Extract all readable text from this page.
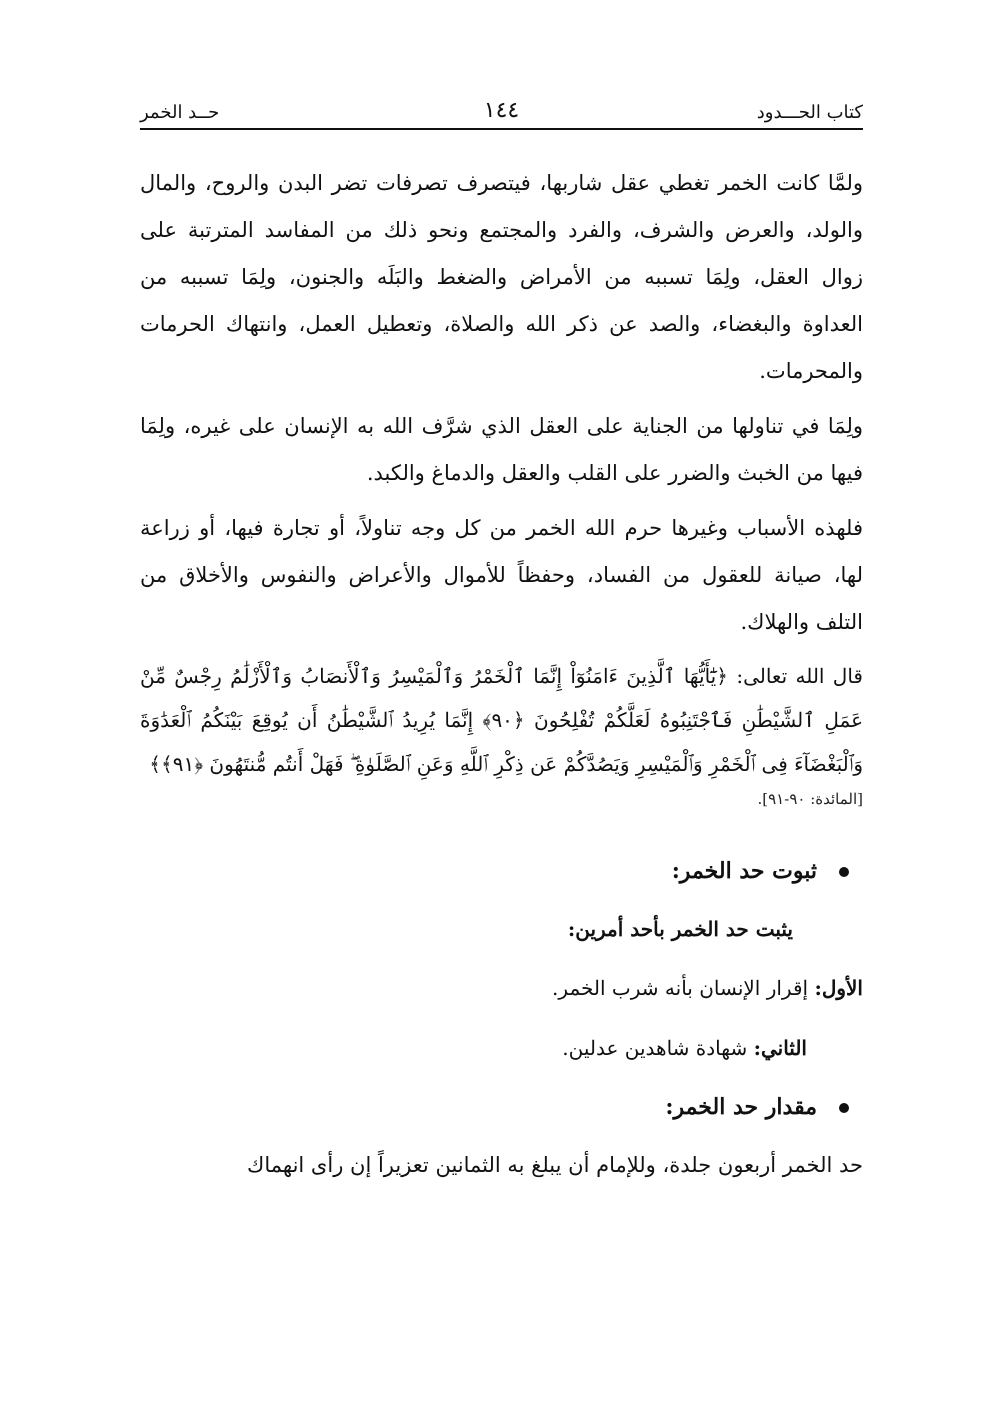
كتاب الحـــدود
١٤٤
حــد الخمر

ولمَّا كانت الخمر تغطي عقل شاربها، فيتصرف تصرفات تضر البدن والروح، والمال والولد، والعرض والشرف، والفرد والمجتمع ونحو ذلك من المفاسد المترتبة على زوال العقل، ولِمَا تسببه من الأمراض والضغط والبَلَه والجنون، ولِمَا تسببه من العداوة والبغضاء، والصد عن ذكر الله والصلاة، وتعطيل العمل، وانتهاك الحرمات والمحرمات.

ولِمَا في تناولها من الجناية على العقل الذي شرَّف الله به الإنسان على غيره، ولِمَا فيها من الخبث والضرر على القلب والعقل والدماغ والكبد.

فلهذه الأسباب وغيرها حرم الله الخمر من كل وجه تناولاً، أو تجارة فيها، أو زراعة لها، صيانة للعقول من الفساد، وحفظاً للأموال والأعراض والنفوس والأخلاق من التلف والهلاك.

قال الله تعالى: ﴿يَٰٓأَيُّهَا ٱلَّذِينَ ءَامَنُوٓاْ إِنَّمَا ٱلْخَمْرُ وَٱلْمَيْسِرُ وَٱلْأَنصَابُ وَٱلْأَزْلَٰمُ رِجْسٌ مِّنْ عَمَلِ ٱلشَّيْطَٰنِ فَٱجْتَنِبُوهُ لَعَلَّكُمْ تُفْلِحُونَ ﴿٩٠﴾ إِنَّمَا يُرِيدُ ٱلشَّيْطَٰنُ أَن يُوقِعَ بَيْنَكُمُ ٱلْعَدَٰوَةَ وَٱلْبَغْضَآءَ فِى ٱلْخَمْرِ وَٱلْمَيْسِرِ وَيَصُدَّكُمْ عَن ذِكْرِ ٱللَّهِ وَعَنِ ٱلصَّلَوٰةِ ۖ فَهَلْ أَنتُم مُّنتَهُونَ ﴿٩١﴾﴾

[المائدة: ٩٠-٩١].

ثبوت حد الخمر:

يثبت حد الخمر بأحد أمرين:

الأول: إقرار الإنسان بأنه شرب الخمر.

الثاني: شهادة شاهدين عدلين.

مقدار حد الخمر:

حد الخمر أربعون جلدة، وللإمام أن يبلغ به الثمانين تعزيراً إن رأى انهماك
